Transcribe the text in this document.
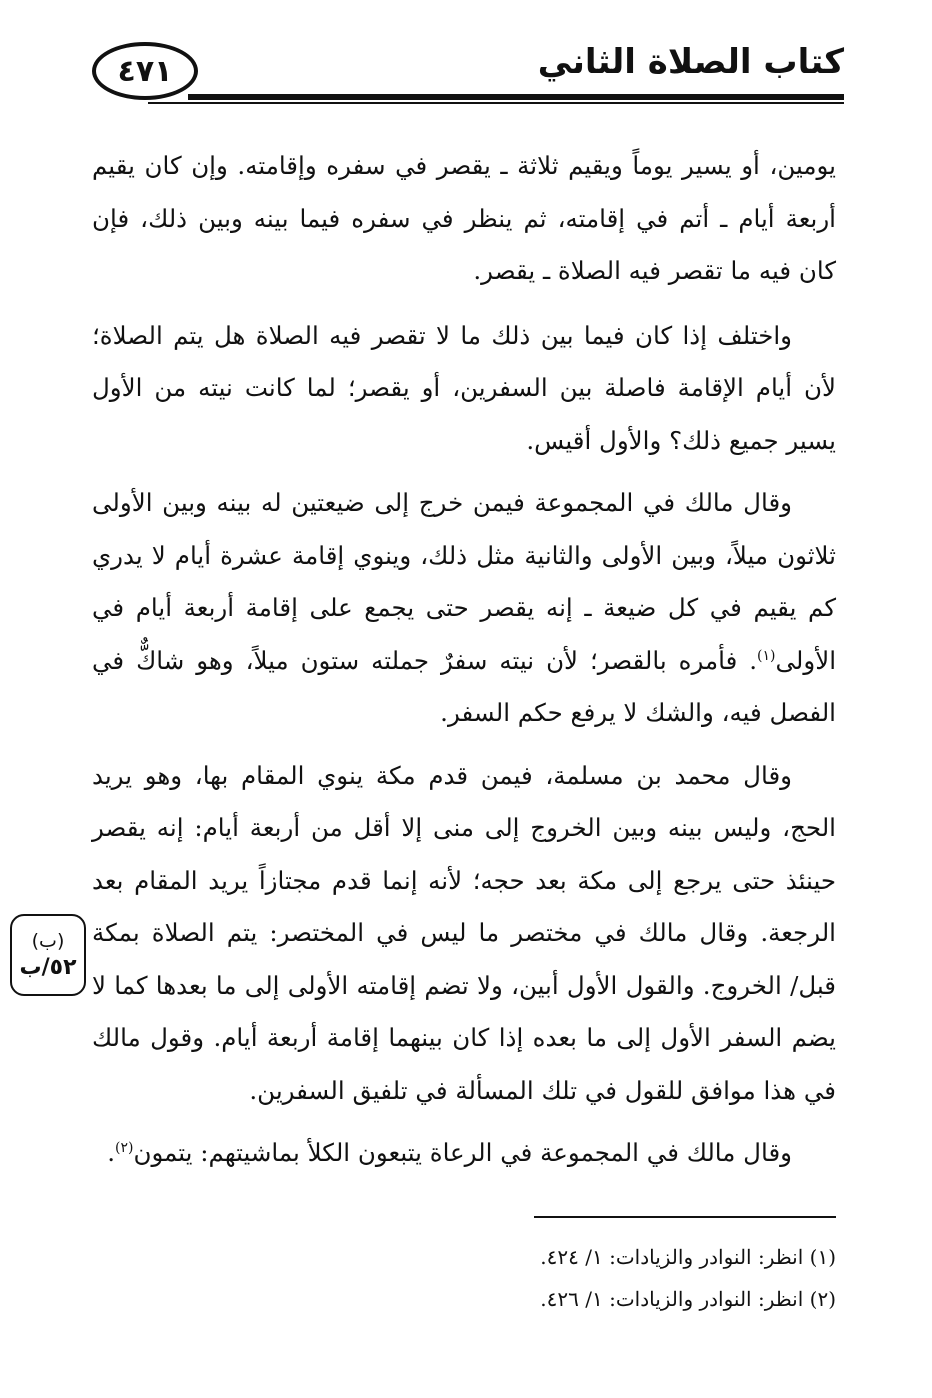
٤٧١	كتاب الصلاة الثاني

يومين، أو يسير يوماً ويقيم ثلاثة ـ يقصر في سفره وإقامته. وإن كان يقيم أربعة أيام ـ أتم في إقامته، ثم ينظر في سفره فيما بينه وبين ذلك، فإن كان فيه ما تقصر فيه الصلاة ـ يقصر.

واختلف إذا كان فيما بين ذلك ما لا تقصر فيه الصلاة هل يتم الصلاة؛ لأن أيام الإقامة فاصلة بين السفرين، أو يقصر؛ لما كانت نيته من الأول يسير جميع ذلك؟ والأول أقيس.

وقال مالك في المجموعة فيمن خرج إلى ضيعتين له بينه وبين الأولى ثلاثون ميلاً، وبين الأولى والثانية مثل ذلك، وينوي إقامة عشرة أيام لا يدري كم يقيم في كل ضيعة ـ إنه يقصر حتى يجمع على إقامة أربعة أيام في الأولى$^{(١)}$. فأمره بالقصر؛ لأن نيته سفرٌ جملته ستون ميلاً، وهو شاكٌّ في الفصل فيه، والشك لا يرفع حكم السفر.

وقال محمد بن مسلمة، فيمن قدم مكة ينوي المقام بها، وهو يريد الحج، وليس بينه وبين الخروج إلى منى إلا أقل من أربعة أيام: إنه يقصر حينئذ حتى يرجع إلى مكة بعد حجه؛ لأنه إنما قدم مجتازاً يريد المقام بعد الرجعة. وقال مالك في مختصر ما ليس في المختصر: يتم الصلاة بمكة قبل/ الخروج. والقول الأول أبين، ولا تضم إقامته الأولى إلى ما بعدها كما لا يضم السفر الأول إلى ما بعده إذا كان بينهما إقامة أربعة أيام. وقول مالك في هذا موافق للقول في تلك المسألة في تلفيق السفرين.

وقال مالك في المجموعة في الرعاة يتبعون الكلأ بماشيتهم: يتمون$^{(٢)}$.

(ب)
٥٢/ب
(١) انظر: النوادر والزيادات: ١/ ٤٢٤.
(٢) انظر: النوادر والزيادات: ١/ ٤٢٦.
